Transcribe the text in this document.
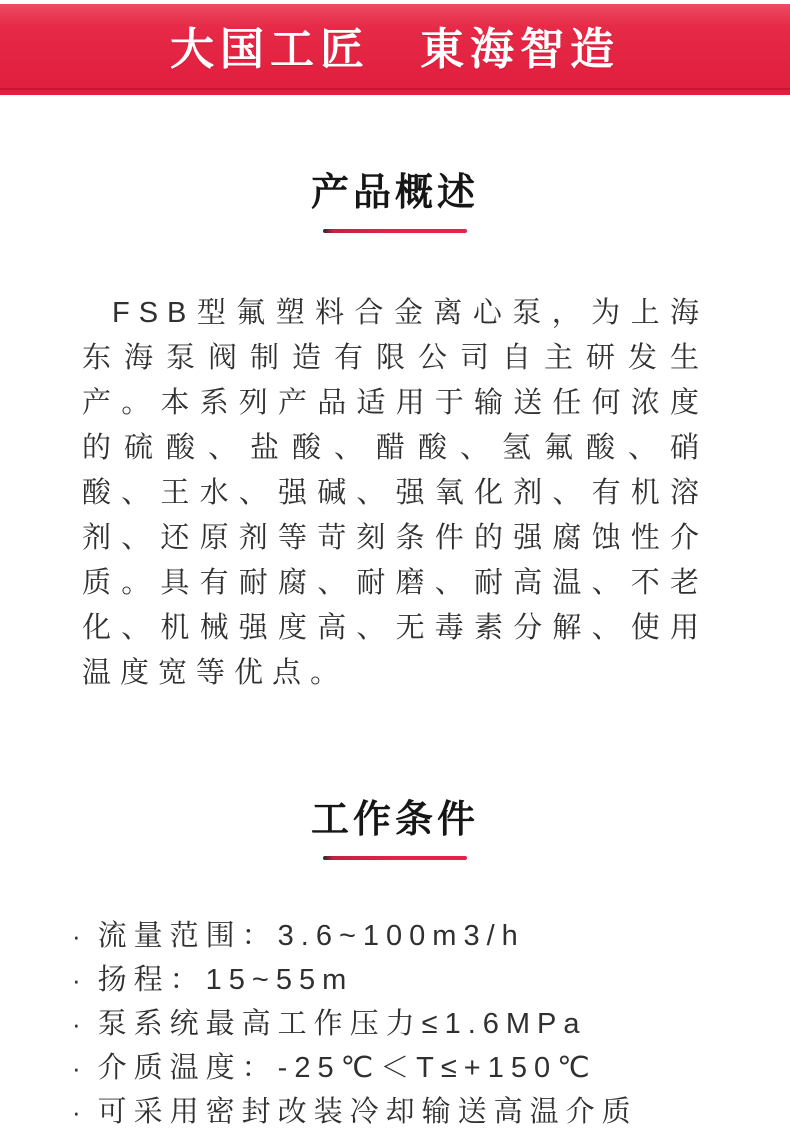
大国工匠　東海智造
产品概述

FSB型氟塑料合金离心泵，为上海东海泵阀制造有限公司自主研发生产。本系列产品适用于输送任何浓度的硫酸、盐酸、醋酸、氢氟酸、硝酸、王水、强碱、强氧化剂、有机溶剂、还原剂等苛刻条件的强腐蚀性介质。具有耐腐、耐磨、耐高温、不老化、机械强度高、无毒素分解、使用温度宽等优点。

工作条件
· 流量范围：3.6~100m3/h
· 扬程：15~55m
· 泵系统最高工作压力≤1.6MPa
· 介质温度：-25℃＜T≤+150℃
· 可采用密封改装冷却输送高温介质
